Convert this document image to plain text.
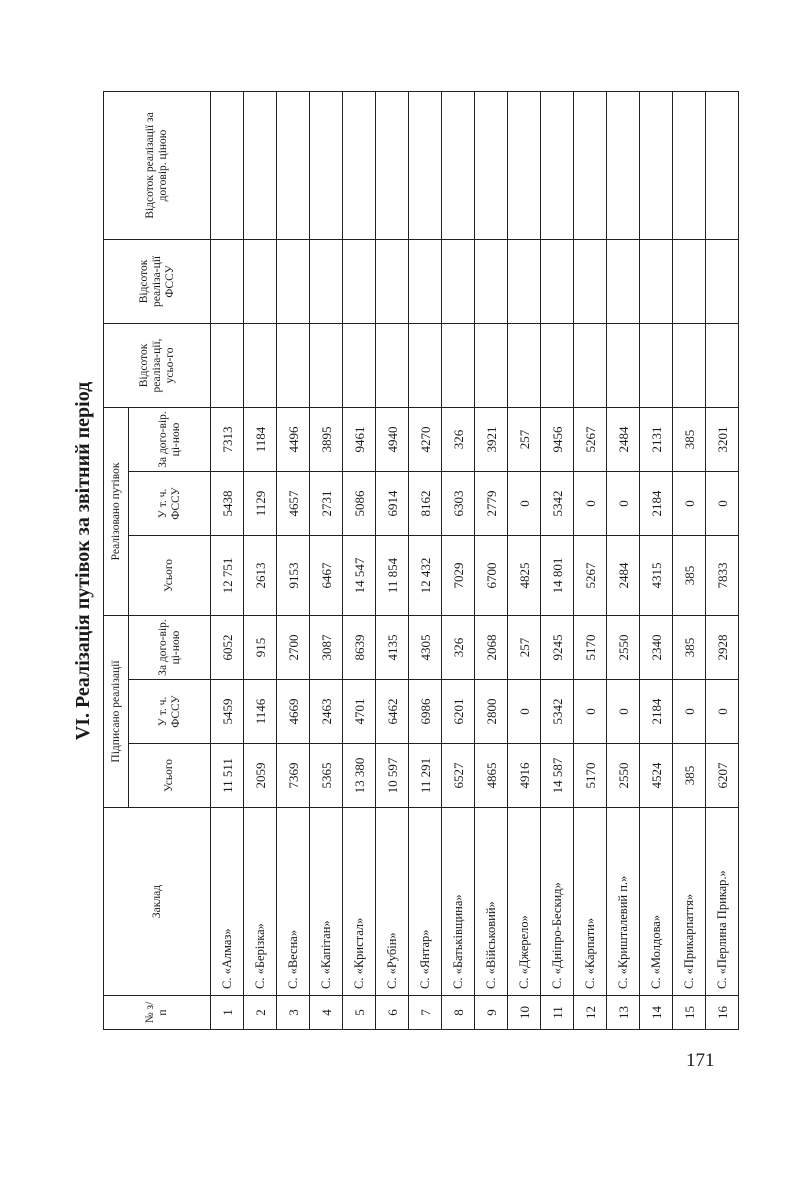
VI. Реалізація путівок за звітний період
№ з/п	Заклад	Підписано реалізації			Реалізовано путівок			Відсоток реаліза-ції, усьо-го	Відсоток реаліза-ції ФССУ	Відсоток реалізації за договір. ціною
		Усього	У т. ч. ФССУ	За дого-вір. ці-ною	Усього	У т. ч. ФССУ	За дого-вір. ці-ною			
1	С. «Алмаз»	11 511	5459	6052	12 751	5438	7313			
2	С. «Берізка»	2059	1146	915	2613	1129	1184			
3	С. «Весна»	7369	4669	2700	9153	4657	4496			
4	С. «Капітан»	5365	2463	3087	6467	2731	3895			
5	С. «Кристал»	13 380	4701	8639	14 547	5086	9461			
6	С. «Рубін»	10 597	6462	4135	11 854	6914	4940			
7	С. «Янтар»	11 291	6986	4305	12 432	8162	4270			
8	С. «Батьківщина»	6527	6201	326	7029	6303	326			
9	С. «Військовий»	4865	2800	2068	6700	2779	3921			
10	С. «Джерело»	4916	0	257	4825	0	257			
11	С. «Дніпро-Бескид»	14 587	5342	9245	14 801	5342	9456			
12	С. «Карпати»	5170	0	5170	5267	0	5267			
13	С. «Кришталевий п.»	2550	0	2550	2484	0	2484			
14	С. «Молдова»	4524	2184	2340	4315	2184	2131			
15	С. «Прикарпаття»	385	0	385	385	0	385			
16	С. «Перлина Прикар.»	6207	0	2928	7833	0	3201			
171
